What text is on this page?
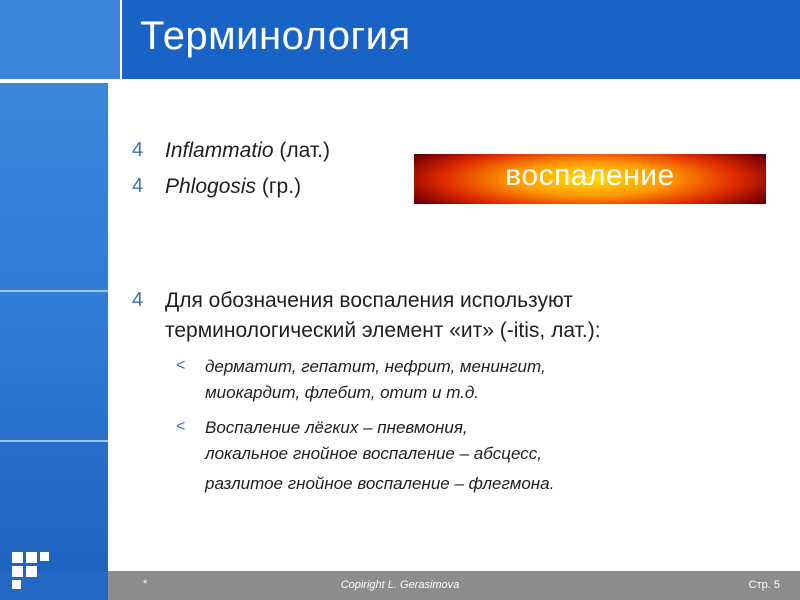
Терминология
4 Inflammatio (лат.)
4 Phlogosis (гр.)	воспаление
4 Для обозначения воспаления используют
терминологический элемент «ит» (-itis, лат.):
< дерматит, гепатит, нефрит, менингит,
миокардит, флебит, отит и т.д.
< Воспаление лёгких – пневмония,
локальное гнойное воспаление – абсцесс,
разлитое гнойное воспаление – флегмона.
*	Copiright L. Gerasimova	Стр. 5
